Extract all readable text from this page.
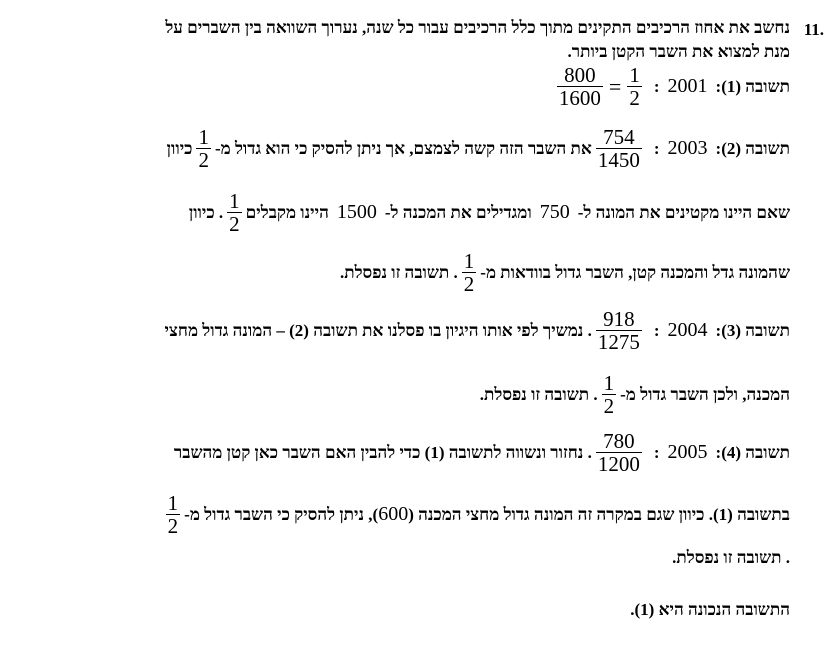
11.
נחשב את אחוז הרכיבים התקינים מתוך כלל הרכיבים עבור כל שנה, נערוך השוואה בין השברים על
מנת למצוא את השבר הקטן ביותר.
תשובה (1)
:
2001
:
$\frac{1}{2}$
=
$\frac{800}{1600}$
תשובה (2)
:
2003
:
$\frac{754}{1450}$
את השבר הזה קשה לצמצם, אך ניתן להסיק כי הוא גדול מ-
$\frac{1}{2}$
כיוון
שאם היינו מקטינים את המונה ל-
750
ומגדילים את המכנה ל-
1500
היינו מקבלים
$\frac{1}{2}$
. כיוון
שהמונה גדל והמכנה קטן, השבר גדול בוודאות מ-
$\frac{1}{2}$
. תשובה זו נפסלת.
תשובה (3)
:
2004
:
$\frac{918}{1275}$
. נמשיך לפי אותו היגיון בו פסלנו את תשובה (2) – המונה גדול מחצי
המכנה, ולכן השבר גדול מ-
$\frac{1}{2}$
. תשובה זו נפסלת.
תשובה (4)
:
2005
:
$\frac{780}{1200}$
. נחזור ונשווה לתשובה (1) כדי להבין האם השבר כאן קטן מהשבר
בתשובה (1). כיוון שגם במקרה זה המונה גדול מחצי המכנה (
600
), ניתן להסיק כי השבר גדול מ-
$\frac{1}{2}$
. תשובה זו נפסלת.
התשובה הנכונה היא (1).
